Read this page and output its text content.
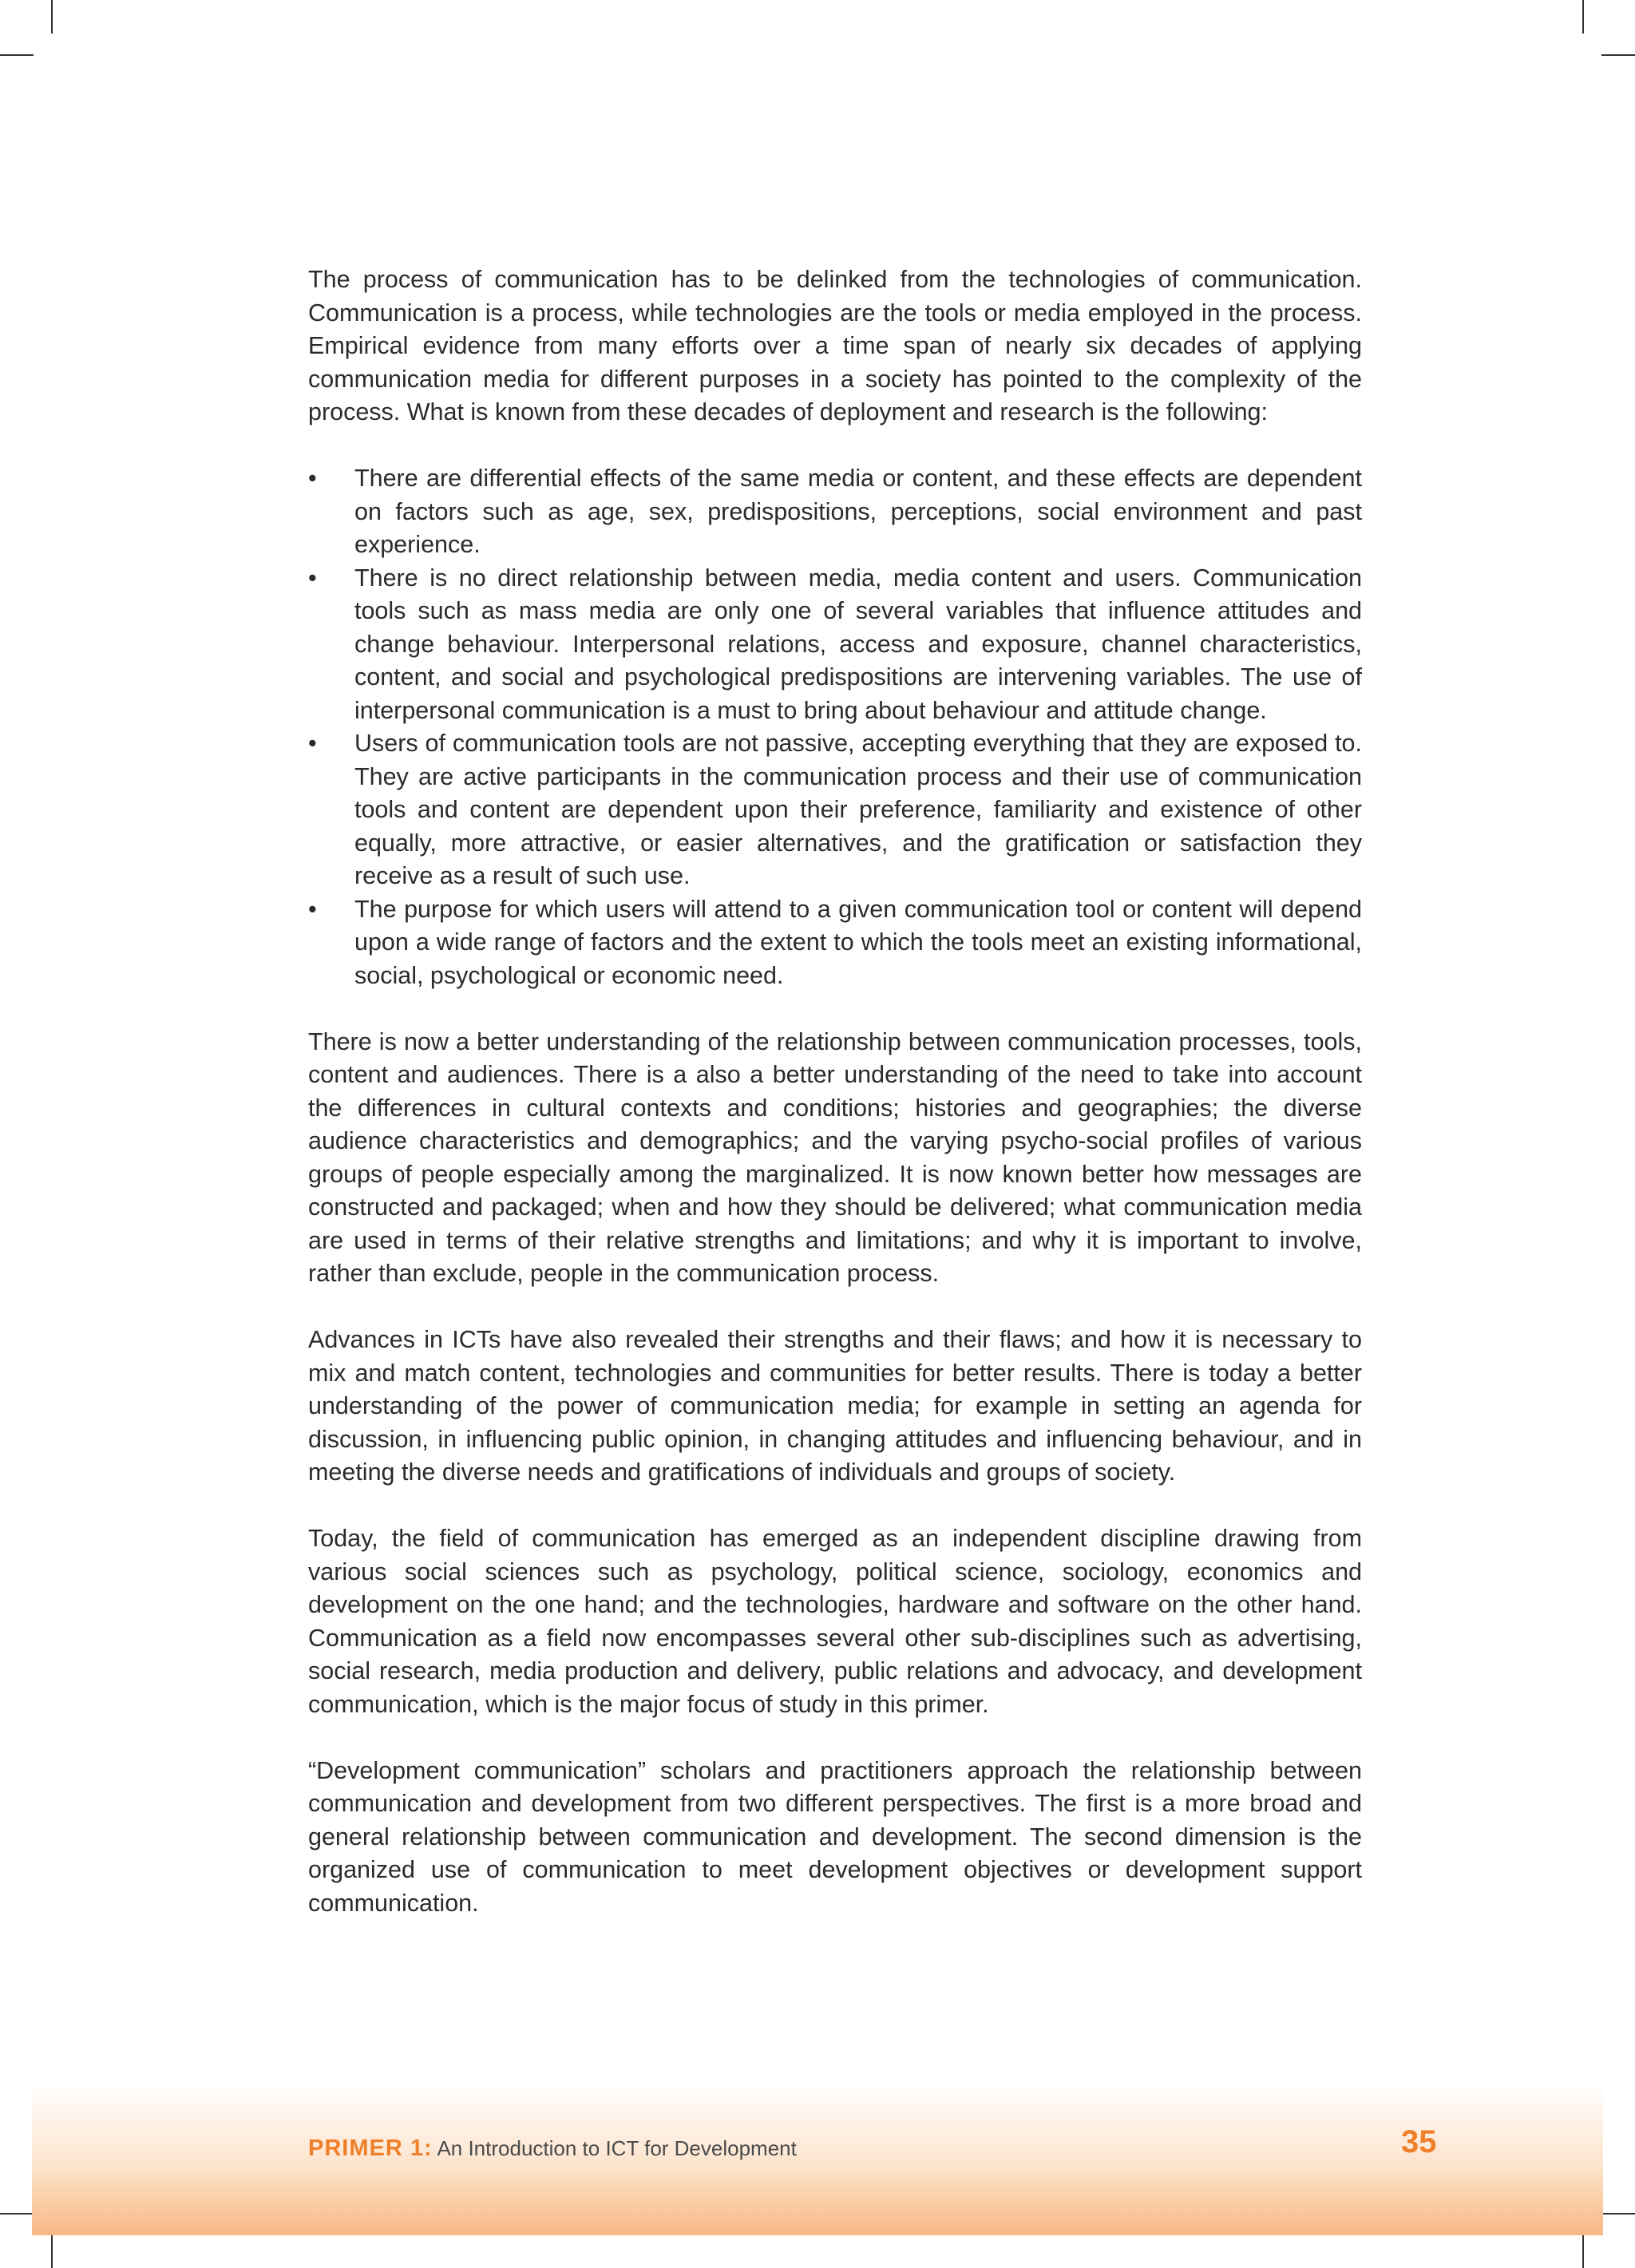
The process of communication has to be delinked from the technologies of communication. Communication is a process, while technologies are the tools or media employed in the process. Empirical evidence from many efforts over a time span of nearly six decades of applying communication media for different purposes in a society has pointed to the complexity of the process. What is known from these decades of deployment and research is the following:

• There are differential effects of the same media or content, and these effects are dependent on factors such as age, sex, predispositions, perceptions, social environment and past experience.
• There is no direct relationship between media, media content and users. Communication tools such as mass media are only one of several variables that influence attitudes and change behaviour. Interpersonal relations, access and exposure, channel characteristics, content, and social and psychological predispositions are intervening variables. The use of interpersonal communication is a must to bring about behaviour and attitude change.
• Users of communication tools are not passive, accepting everything that they are exposed to. They are active participants in the communication process and their use of communication tools and content are dependent upon their preference, familiarity and existence of other equally, more attractive, or easier alternatives, and the gratification or satisfaction they receive as a result of such use.
• The purpose for which users will attend to a given communication tool or content will depend upon a wide range of factors and the extent to which the tools meet an existing informational, social, psychological or economic need.

There is now a better understanding of the relationship between communication processes, tools, content and audiences. There is a also a better understanding of the need to take into account the differences in cultural contexts and conditions; histories and geographies; the diverse audience characteristics and demographics; and the varying psycho-social profiles of various groups of people especially among the marginalized. It is now known better how messages are constructed and packaged; when and how they should be delivered; what communication media are used in terms of their relative strengths and limitations; and why it is important to involve, rather than exclude, people in the communication process.

Advances in ICTs have also revealed their strengths and their flaws; and how it is necessary to mix and match content, technologies and communities for better results. There is today a better understanding of the power of communication media; for example in setting an agenda for discussion, in influencing public opinion, in changing attitudes and influencing behaviour, and in meeting the diverse needs and gratifications of individuals and groups of society.

Today, the field of communication has emerged as an independent discipline drawing from various social sciences such as psychology, political science, sociology, economics and development on the one hand; and the technologies, hardware and software on the other hand. Communication as a field now encompasses several other sub-disciplines such as advertising, social research, media production and delivery, public relations and advocacy, and development communication, which is the major focus of study in this primer.

“Development communication” scholars and practitioners approach the relationship between communication and development from two different perspectives. The first is a more broad and general relationship between communication and development. The second dimension is the organized use of communication to meet development objectives or development support communication.

PRIMER 1: An Introduction to ICT for Development	35
